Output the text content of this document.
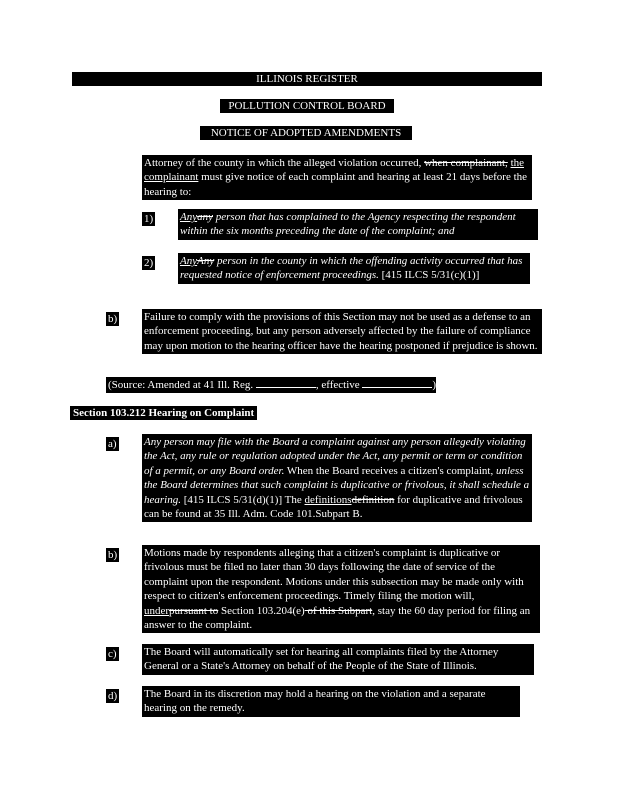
ILLINOIS REGISTER
POLLUTION CONTROL BOARD
NOTICE OF ADOPTED AMENDMENTS
Attorney of the county in which the alleged violation occurred, when complainant, the complainant must give notice of each complaint and hearing at least 21 days before the hearing to:
1) Anyany person that has complained to the Agency respecting the respondent within the six months preceding the date of the complaint; and
2) AnyAny person in the county in which the offending activity occurred that has requested notice of enforcement proceedings. [415 ILCS 5/31(c)(1)]
b) Failure to comply with the provisions of this Section may not be used as a defense to an enforcement proceeding, but any person adversely affected by the failure of compliance may upon motion to the hearing officer have the hearing postponed if prejudice is shown.
(Source: Amended at 41 Ill. Reg.	, effective	)
Section 103.212 Hearing on Complaint
a) Any person may file with the Board a complaint against any person allegedly violating the Act, any rule or regulation adopted under the Act, any permit or term or condition of a permit, or any Board order. When the Board receives a citizen's complaint, unless the Board determines that such complaint is duplicative or frivolous, it shall schedule a hearing. [415 ILCS 5/31(d)(1)] The definitionsdefinition for duplicative and frivolous can be found at 35 Ill. Adm. Code 101.Subpart B.
b) Motions made by respondents alleging that a citizen's complaint is duplicative or frivolous must be filed no later than 30 days following the date of service of the complaint upon the respondent. Motions under this subsection may be made only with respect to citizen's enforcement proceedings. Timely filing the motion will, underpursuant to Section 103.204(e) of this Subpart, stay the 60 day period for filing an answer to the complaint.
c) The Board will automatically set for hearing all complaints filed by the Attorney General or a State's Attorney on behalf of the People of the State of Illinois.
d) The Board in its discretion may hold a hearing on the violation and a separate hearing on the remedy.
